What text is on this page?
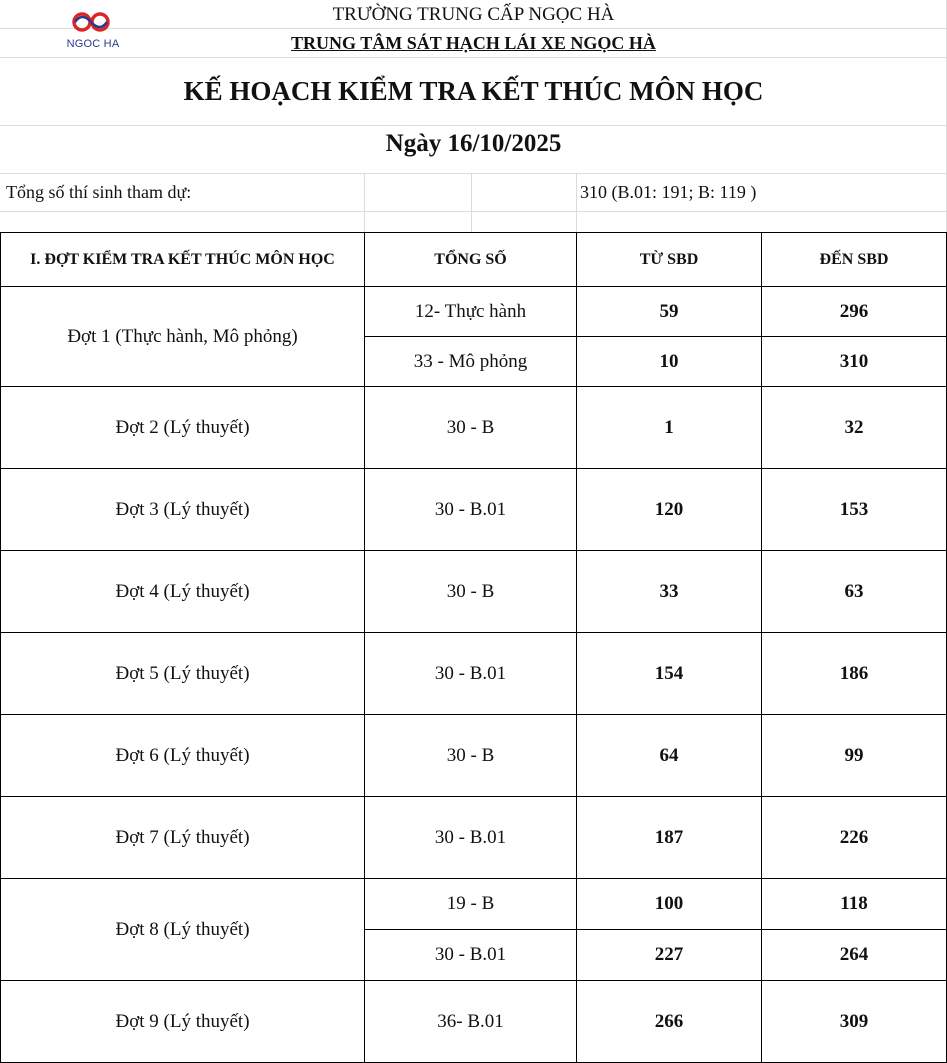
NGOC HA
TRƯỜNG TRUNG CẤP NGỌC HÀ
TRUNG TÂM SÁT HẠCH LÁI XE NGỌC HÀ
KẾ HOẠCH KIỂM TRA KẾT THÚC MÔN HỌC
Ngày 16/10/2025
Tổng số thí sinh tham dự:	310 (B.01: 191; B: 119 )
I. ĐỢT KIỂM TRA KẾT THÚC MÔN HỌC	TỔNG SỐ	TỪ SBD	ĐẾN SBD
Đợt 1 (Thực hành, Mô phỏng)	12- Thực hành	59	296
	33 - Mô phỏng	10	310
Đợt 2 (Lý thuyết)	30 - B	1	32
Đợt 3 (Lý thuyết)	30 - B.01	120	153
Đợt 4 (Lý thuyết)	30 - B	33	63
Đợt 5 (Lý thuyết)	30 - B.01	154	186
Đợt 6 (Lý thuyết)	30 - B	64	99
Đợt 7 (Lý thuyết)	30 - B.01	187	226
Đợt 8 (Lý thuyết)	19 - B	100	118
	30 - B.01	227	264
Đợt 9 (Lý thuyết)	36- B.01	266	309
